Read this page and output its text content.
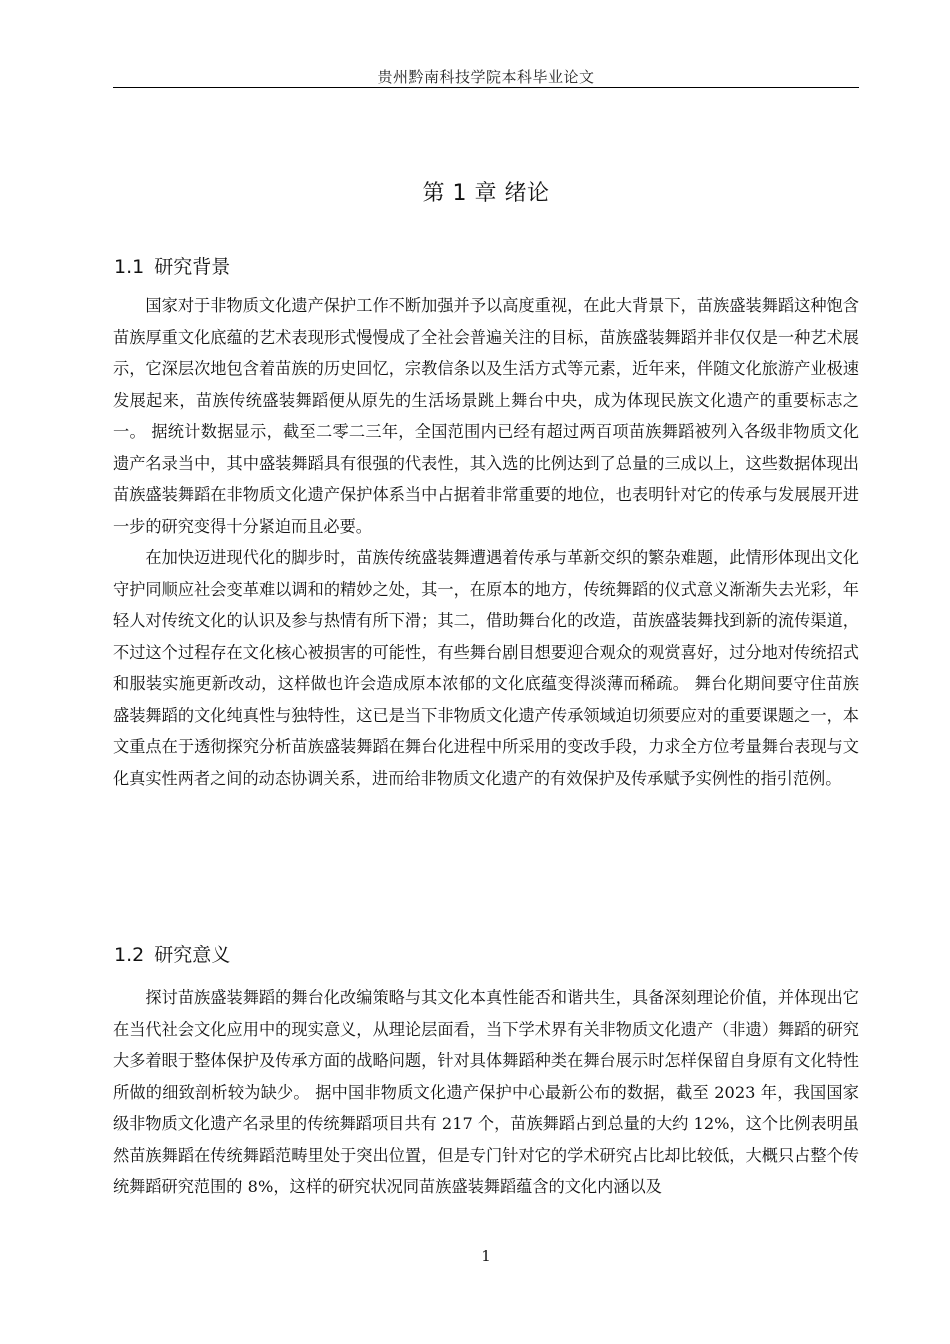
贵州黔南科技学院本科毕业论文
第 1 章 绪论
1.1 研究背景

国家对于非物质文化遗产保护工作不断加强并予以高度重视，在此大背景下，苗族盛装舞蹈这种饱含苗族厚重文化底蕴的艺术表现形式慢慢成了全社会普遍关注的目标，苗族盛装舞蹈并非仅仅是一种艺术展示，它深层次地包含着苗族的历史回忆，宗教信条以及生活方式等元素，近年来，伴随文化旅游产业极速发展起来，苗族传统盛装舞蹈便从原先的生活场景跳上舞台中央，成为体现民族文化遗产的重要标志之一。 据统计数据显示，截至二零二三年，全国范围内已经有超过两百项苗族舞蹈被列入各级非物质文化遗产名录当中，其中盛装舞蹈具有很强的代表性，其入选的比例达到了总量的三成以上，这些数据体现出苗族盛装舞蹈在非物质文化遗产保护体系当中占据着非常重要的地位，也表明针对它的传承与发展展开进一步的研究变得十分紧迫而且必要。

在加快迈进现代化的脚步时，苗族传统盛装舞遭遇着传承与革新交织的繁杂难题，此情形体现出文化守护同顺应社会变革难以调和的精妙之处，其一，在原本的地方，传统舞蹈的仪式意义渐渐失去光彩，年轻人对传统文化的认识及参与热情有所下滑；其二，借助舞台化的改造，苗族盛装舞找到新的流传渠道，不过这个过程存在文化核心被损害的可能性，有些舞台剧目想要迎合观众的观赏喜好，过分地对传统招式和服装实施更新改动，这样做也许会造成原本浓郁的文化底蕴变得淡薄而稀疏。 舞台化期间要守住苗族盛装舞蹈的文化纯真性与独特性，这已是当下非物质文化遗产传承领域迫切须要应对的重要课题之一，本文重点在于透彻探究分析苗族盛装舞蹈在舞台化进程中所采用的变改手段，力求全方位考量舞台表现与文化真实性两者之间的动态协调关系，进而给非物质文化遗产的有效保护及传承赋予实例性的指引范例。

1.2 研究意义

探讨苗族盛装舞蹈的舞台化改编策略与其文化本真性能否和谐共生，具备深刻理论价值，并体现出它在当代社会文化应用中的现实意义，从理论层面看，当下学术界有关非物质文化遗产（非遗）舞蹈的研究大多着眼于整体保护及传承方面的战略问题，针对具体舞蹈种类在舞台展示时怎样保留自身原有文化特性所做的细致剖析较为缺少。 据中国非物质文化遗产保护中心最新公布的数据，截至 2023 年，我国国家级非物质文化遗产名录里的传统舞蹈项目共有 217 个，苗族舞蹈占到总量的大约 12%，这个比例表明虽然苗族舞蹈在传统舞蹈范畴里处于突出位置，但是专门针对它的学术研究占比却比较低，大概只占整个传统舞蹈研究范围的 8%，这样的研究状况同苗族盛装舞蹈蕴含的文化内涵以及

1
